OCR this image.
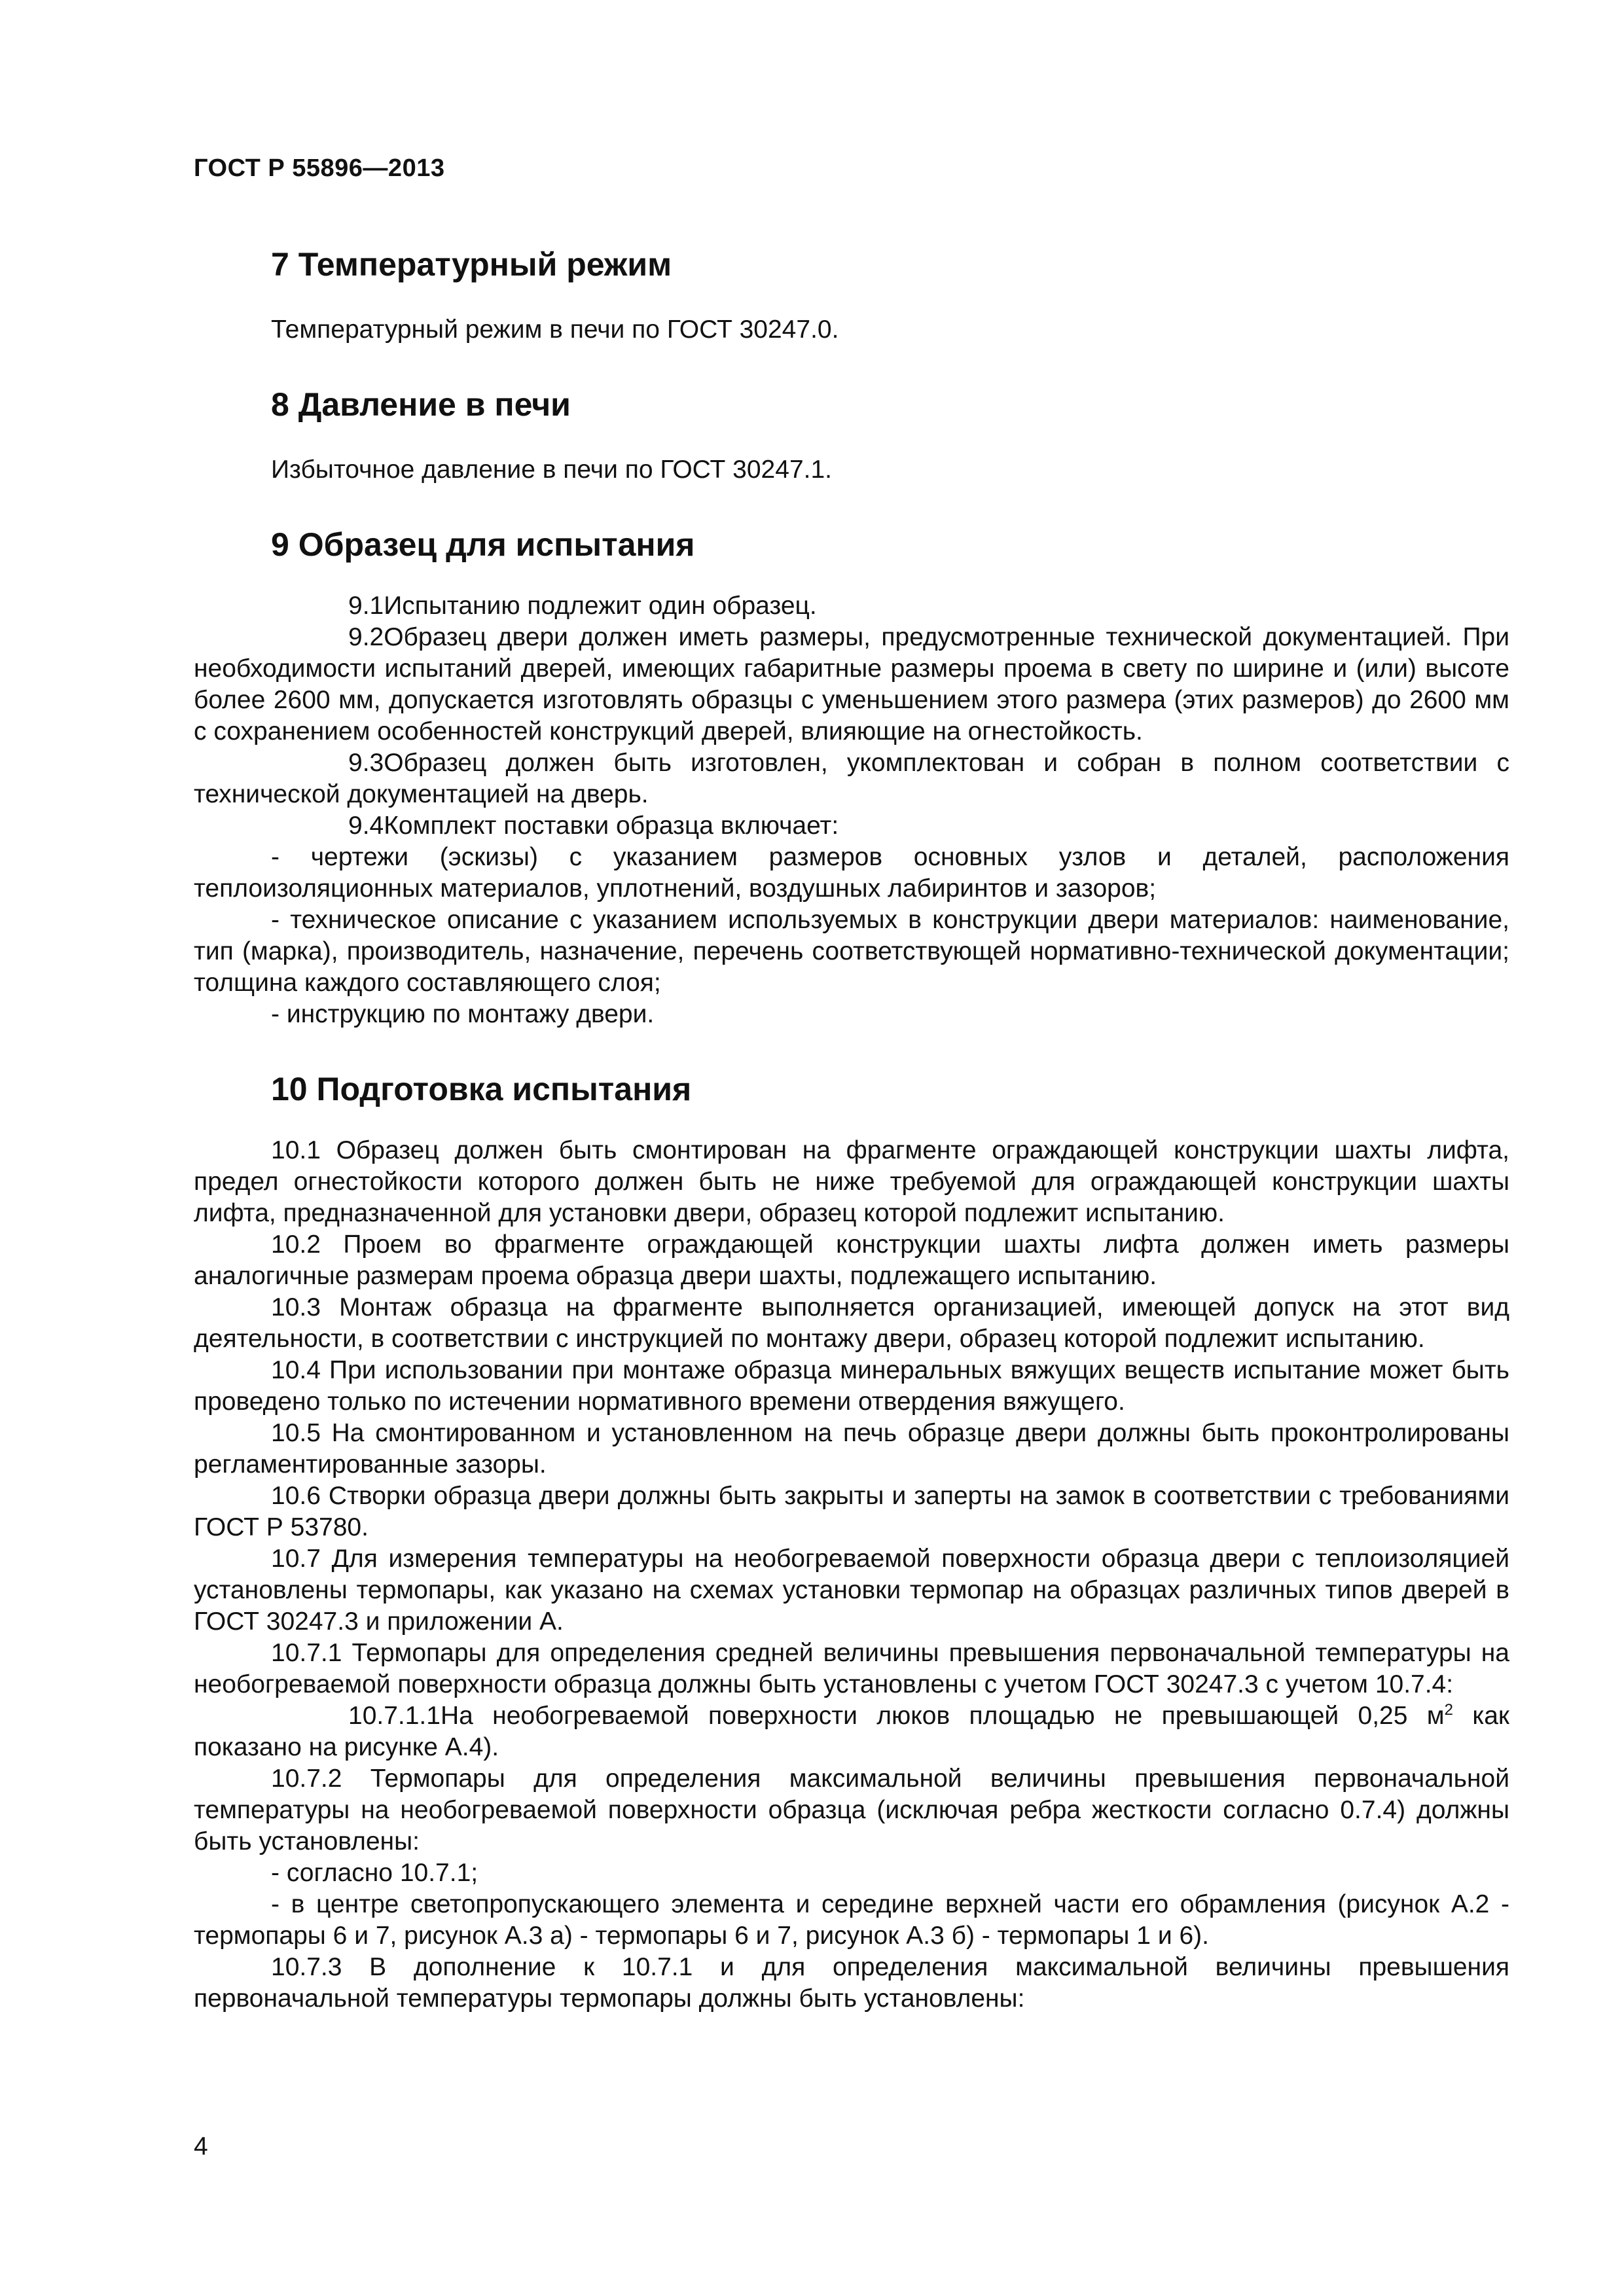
ГОСТ Р 55896—2013
7 Температурный режим
Температурный режим в печи по ГОСТ 30247.0.
8 Давление в печи
Избыточное давление в печи по ГОСТ 30247.1.
9 Образец для испытания

9.1Испытанию подлежит один образец.

9.2Образец двери должен иметь размеры, предусмотренные технической документацией. При необходимости испытаний дверей, имеющих габаритные размеры проема в свету по ширине и (или) высоте более 2600 мм, допускается изготовлять образцы с уменьшением этого размера (этих размеров) до 2600 мм с сохранением особенностей конструкций дверей, влияющие на огнестойкость.

9.3Образец должен быть изготовлен, укомплектован и собран в полном соответствии с технической документацией на дверь.

9.4Комплект поставки образца включает:

- чертежи (эскизы) с указанием размеров основных узлов и деталей, расположения теплоизоляционных материалов, уплотнений, воздушных лабиринтов и зазоров;

- техническое описание с указанием используемых в конструкции двери материалов: наименование, тип (марка), производитель, назначение, перечень соответствующей нормативно-технической документации; толщина каждого составляющего слоя;

- инструкцию по монтажу двери.

10 Подготовка испытания

10.1 Образец должен быть смонтирован на фрагменте ограждающей конструкции шахты лифта, предел огнестойкости которого должен быть не ниже требуемой для ограждающей конструкции шахты лифта, предназначенной для установки двери, образец которой подлежит испытанию.

10.2 Проем во фрагменте ограждающей конструкции шахты лифта должен иметь размеры аналогичные размерам проема образца двери шахты, подлежащего испытанию.

10.3 Монтаж образца на фрагменте выполняется организацией, имеющей допуск на этот вид деятельности, в соответствии с инструкцией по монтажу двери, образец которой подлежит испытанию.

10.4 При использовании при монтаже образца минеральных вяжущих веществ испытание может быть проведено только по истечении нормативного времени отвердения вяжущего.

10.5 На смонтированном и установленном на печь образце двери должны быть проконтролированы регламентированные зазоры.

10.6 Створки образца двери должны быть закрыты и заперты на замок в соответствии с требованиями ГОСТ Р 53780.

10.7 Для измерения температуры на необогреваемой поверхности образца двери с теплоизоляцией установлены термопары, как указано на схемах установки термопар на образцах различных типов дверей в ГОСТ 30247.3 и приложении А.

10.7.1 Термопары для определения средней величины превышения первоначальной температуры на необогреваемой поверхности образца должны быть установлены с учетом ГОСТ 30247.3 с учетом 10.7.4:

10.7.1.1На необогреваемой поверхности люков площадью не превышающей 0,25 $м^2$ как показано на рисунке А.4).

10.7.2 Термопары для определения максимальной величины превышения первоначальной температуры на необогреваемой поверхности образца (исключая ребра жесткости согласно 0.7.4) должны быть установлены:

- согласно 10.7.1;

- в центре светопропускающего элемента и середине верхней части его обрамления (рисунок А.2 - термопары 6 и 7, рисунок А.3 а) - термопары 6 и 7, рисунок А.3 б) - термопары 1 и 6).

10.7.3 В дополнение к 10.7.1 и для определения максимальной величины превышения первоначальной температуры термопары должны быть установлены:

4
